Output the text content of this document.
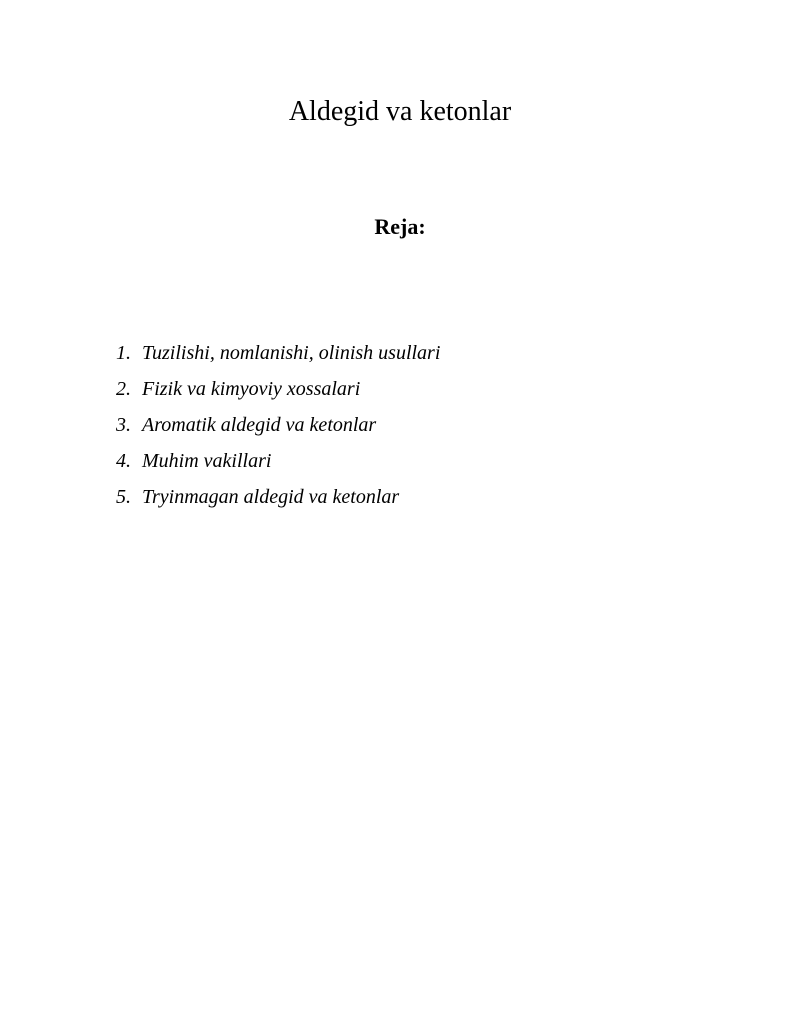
Aldegid va ketonlar
Reja:
1. Tuzilishi, nomlanishi, olinish usullari
2. Fizik va kimyoviy xossalari
3. Aromatik aldegid va ketonlar
4. Muhim vakillari
5. Tryinmagan aldegid va ketonlar
